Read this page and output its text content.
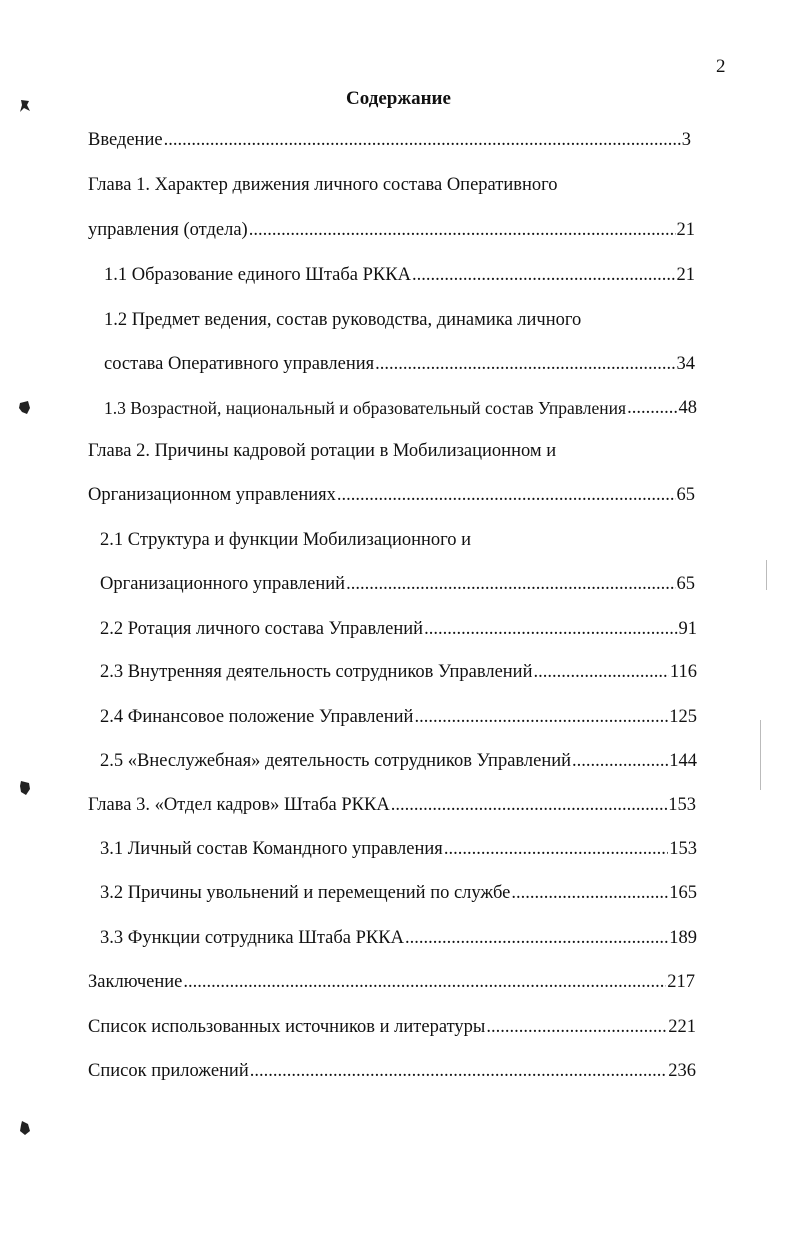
2
Содержание
Введение .....	3
Глава 1. Характер движения личного состава Оперативного
управления (отдела) .....	21
1.1 Образование единого Штаба РККА .....	21
1.2 Предмет ведения, состав руководства, динамика личного
состава Оперативного управления .....	34
1.3 Возрастной, национальный и образовательный состав Управления .....	48
Глава 2. Причины кадровой ротации в Мобилизационном и
Организационном управлениях .....	65
2.1 Структура и функции Мобилизационного и
Организационного управлений .....	65
2.2 Ротация личного состава Управлений .....	91
2.3 Внутренняя деятельность сотрудников Управлений .....	116
2.4 Финансовое положение Управлений .....	125
2.5 «Внеслужебная» деятельность сотрудников Управлений .....	144
Глава 3. «Отдел кадров» Штаба РККА .....	153
3.1 Личный состав Командного управления .....	153
3.2 Причины увольнений и перемещений по службе .....	165
3.3 Функции сотрудника Штаба РККА .....	189
Заключение .....	217
Список использованных источников и литературы .....	221
Список приложений .....	236
